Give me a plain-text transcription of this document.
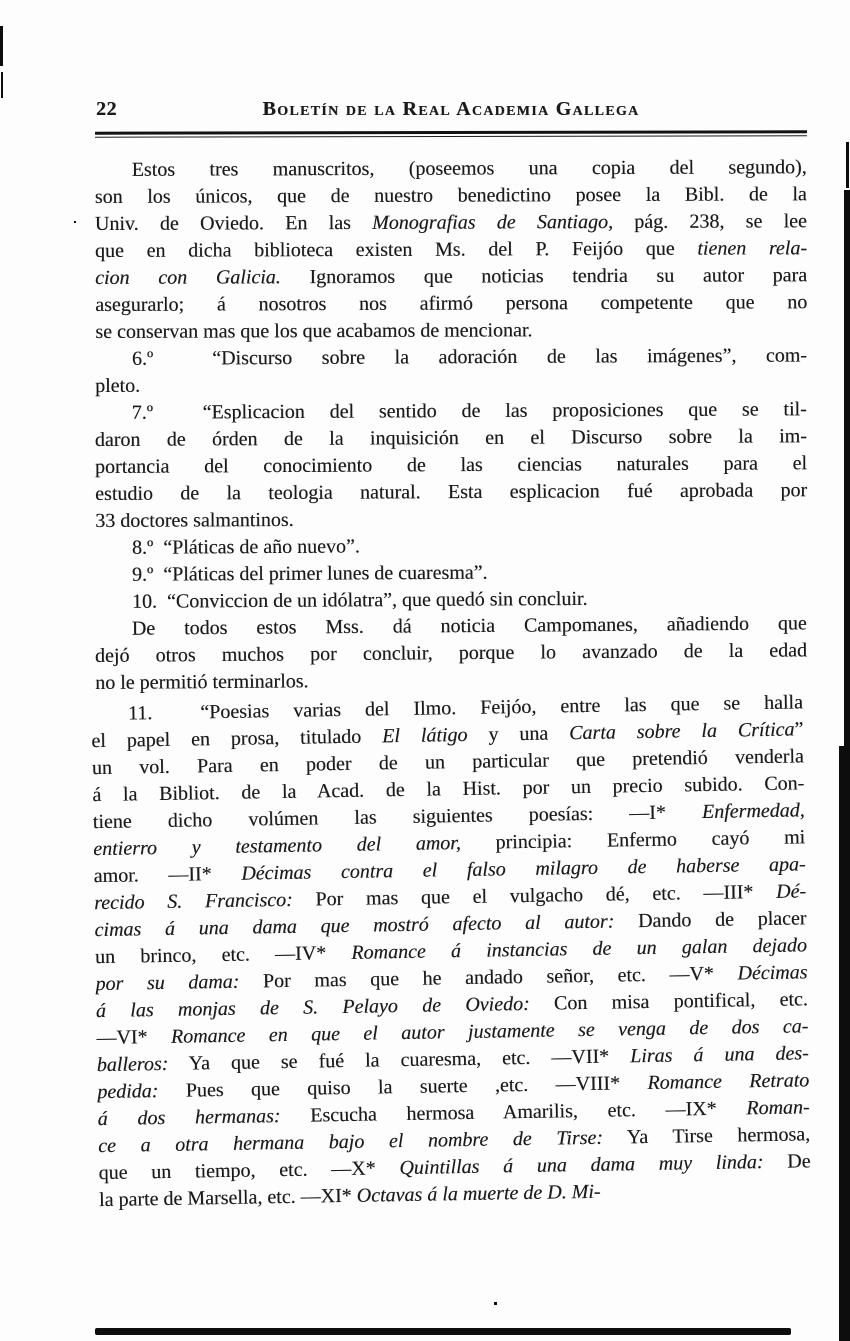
22	Boletín de la Real Academia Gallega
Estos tres manuscritos, (poseemos una copia del segundo),
son los únicos, que de nuestro benedictino posee la Bibl. de la
Univ. de Oviedo. En las Monografias de Santiago, pág. 238, se lee
que en dicha biblioteca existen Ms. del P. Feijóo que tienen rela-
cion con Galicia. Ignoramos que noticias tendria su autor para
asegurarlo; á nosotros nos afirmó persona competente que no
se conservan mas que los que acabamos de mencionar.
6.º  “Discurso sobre la adoración de las imágenes”, com-
pleto.
7.º  “Esplicacion del sentido de las proposiciones que se til-
daron de órden de la inquisición en el Discurso sobre la im-
portancia del conocimiento de las ciencias naturales para el
estudio de la teologia natural. Esta esplicacion fué aprobada por
33 doctores salmantinos.
8.º  “Pláticas de año nuevo”.
9.º  “Pláticas del primer lunes de cuaresma”.
10.  “Conviccion de un idólatra”, que quedó sin concluir.
De todos estos Mss. dá noticia Campomanes, añadiendo que
dejó otros muchos por concluir, porque lo avanzado de la edad
no le permitió terminarlos.
11.  “Poesias varias del Ilmo. Feijóo, entre las que se halla
el papel en prosa, titulado El látigo y una Carta sobre la Crítica”
un vol. Para en poder de un particular que pretendió venderla
á la Bibliot. de la Acad. de la Hist. por un precio subido. Con-
tiene dicho volúmen las siguientes poesías: —I* Enfermedad,
entierro y testamento del amor, principia: Enfermo cayó mi
amor. —II* Décimas contra el falso milagro de haberse apa-
recido S. Francisco: Por mas que el vulgacho dé, etc. —III* Dé-
cimas á una dama que mostró afecto al autor: Dando de placer
un brinco, etc. —IV* Romance á instancias de un galan dejado
por su dama: Por mas que he andado señor, etc. —V* Décimas
á las monjas de S. Pelayo de Oviedo: Con misa pontifical, etc.
—VI* Romance en que el autor justamente se venga de dos ca-
balleros: Ya que se fué la cuaresma, etc. —VII* Liras á una des-
pedida: Pues que quiso la suerte ,etc. —VIII* Romance Retrato
á dos hermanas: Escucha hermosa Amarilis, etc. —IX* Roman-
ce a otra hermana bajo el nombre de Tirse: Ya Tirse hermosa,
que un tiempo, etc. —X* Quintillas á una dama muy linda: De
la parte de Marsella, etc. —XI* Octavas á la muerte de D. Mi-
